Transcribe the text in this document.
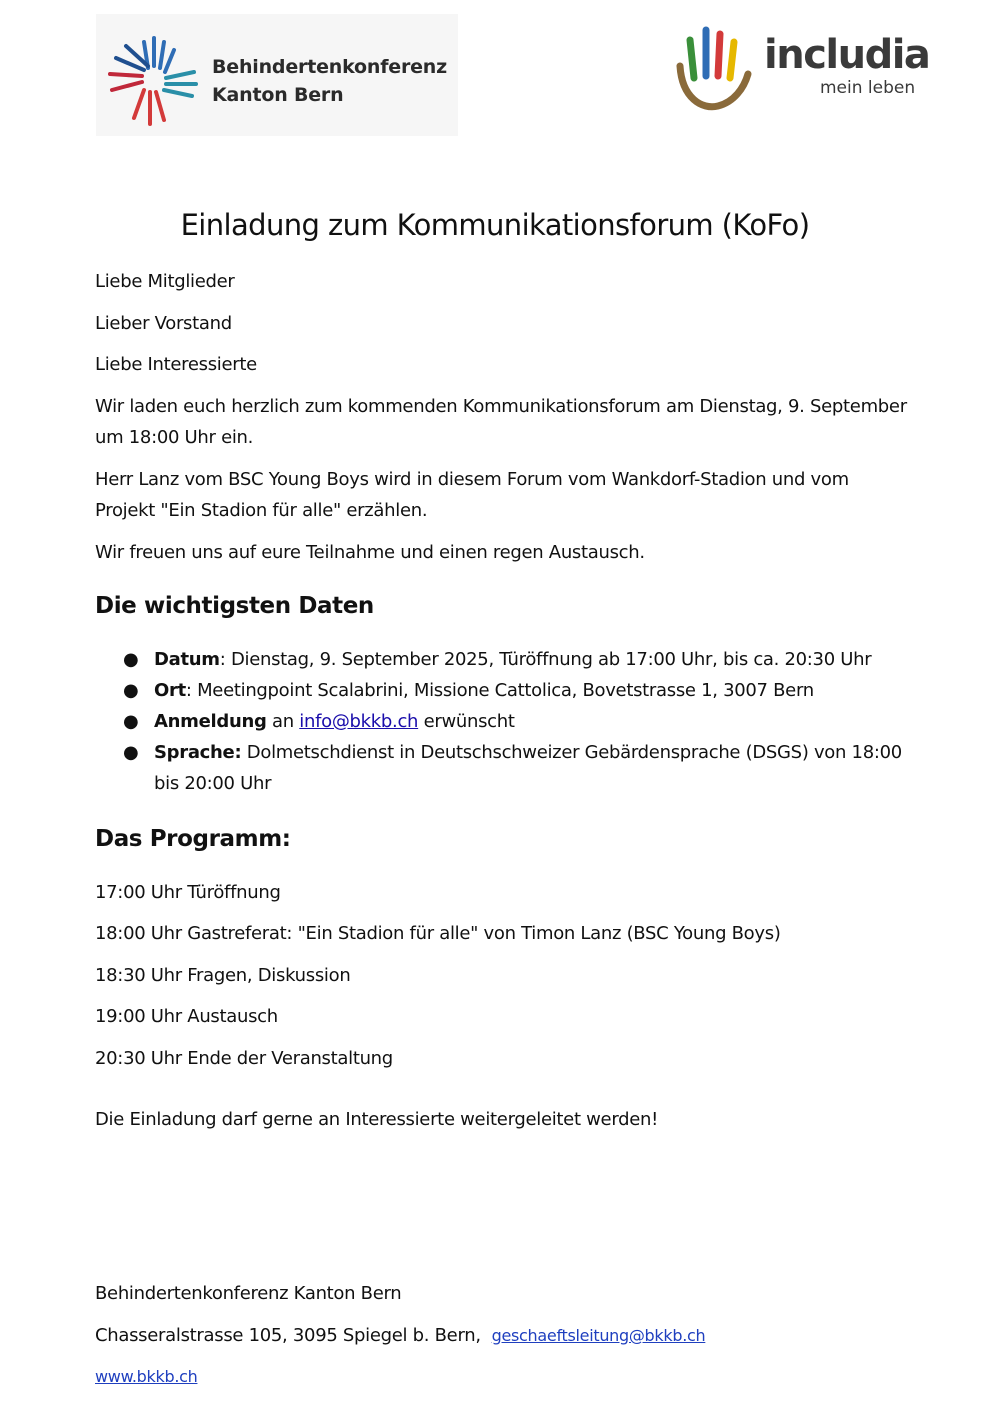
Behindertenkonferenz
Kanton Bern
includia
mein leben
Einladung zum Kommunikationsforum (KoFo)

Liebe Mitglieder

Lieber Vorstand

Liebe Interessierte

Wir laden euch herzlich zum kommenden Kommunikationsforum am Dienstag, 9. September
um 18:00 Uhr ein.

Herr Lanz vom BSC Young Boys wird in diesem Forum vom Wankdorf-Stadion und vom
Projekt "Ein Stadion für alle" erzählen.

Wir freuen uns auf eure Teilnahme und einen regen Austausch.

Die wichtigsten Daten
● Datum: Dienstag, 9. September 2025, Türöffnung ab 17:00 Uhr, bis ca. 20:30 Uhr
● Ort: Meetingpoint Scalabrini, Missione Cattolica, Bovetstrasse 1, 3007 Bern
● Anmeldung an info@bkkb.ch erwünscht
● Sprache: Dolmetschdienst in Deutschschweizer Gebärdensprache (DSGS) von 18:00
bis 20:00 Uhr
Das Programm:

17:00 Uhr Türöffnung

18:00 Uhr Gastreferat: "Ein Stadion für alle" von Timon Lanz (BSC Young Boys)

18:30 Uhr Fragen, Diskussion

19:00 Uhr Austausch

20:30 Uhr Ende der Veranstaltung

Die Einladung darf gerne an Interessierte weitergeleitet werden!

Behindertenkonferenz Kanton Bern

Chasseralstrasse 105, 3095 Spiegel b. Bern, geschaeftsleitung@bkkb.ch

www.bkkb.ch
